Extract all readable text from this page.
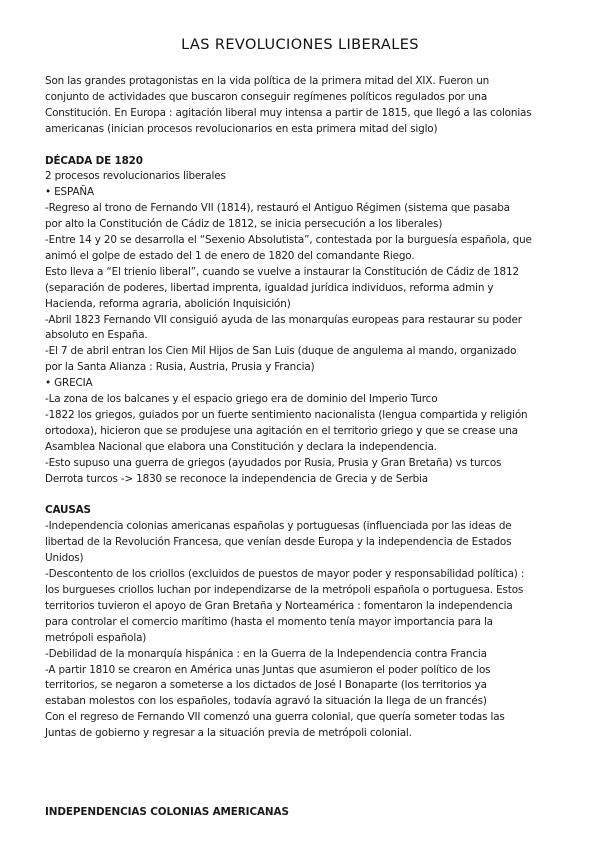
LAS REVOLUCIONES LIBERALES

Son las grandes protagonistas en la vida política de la primera mitad del XIX. Fueron un
conjunto de actividades que buscaron conseguir regímenes políticos regulados por una
Constitución. En Europa : agitación liberal muy intensa a partir de 1815, que llegó a las colonias
americanas (inician procesos revolucionarios en esta primera mitad del siglo)

DÉCADA DE 1820

2 procesos revolucionarios liberales
• ESPAÑA
-Regreso al trono de Fernando VII (1814), restauró el Antiguo Régimen (sistema que pasaba
por alto la Constitución de Cádiz de 1812, se inicia persecución a los liberales)
-Entre 14 y 20 se desarrolla el “Sexenio Absolutista”, contestada por la burguesía española, que
animó el golpe de estado del 1 de enero de 1820 del comandante Riego.
Esto lleva a “El trienio liberal”, cuando se vuelve a instaurar la Constitución de Cádiz de 1812
(separación de poderes, libertad imprenta, igualdad jurídica individuos, reforma admin y
Hacienda, reforma agraria, abolición Inquisición)
-Abril 1823 Fernando VII consiguió ayuda de las monarquías europeas para restaurar su poder
absoluto en España.
-El 7 de abril entran los Cien Mil Hijos de San Luis (duque de angulema al mando, organizado
por la Santa Alianza : Rusia, Austria, Prusia y Francia)
• GRECIA
-La zona de los balcanes y el espacio griego era de dominio del Imperio Turco
-1822 los griegos, guiados por un fuerte sentimiento nacionalista (lengua compartida y religión
ortodoxa), hicieron que se produjese una agitación en el territorio griego y que se crease una
Asamblea Nacional que elabora una Constitución y declara la independencia.
-Esto supuso una guerra de griegos (ayudados por Rusia, Prusia y Gran Bretaña) vs turcos
Derrota turcos -> 1830 se reconoce la independencia de Grecia y de Serbia

CAUSAS

-Independencia colonias americanas españolas y portuguesas (influenciada por las ideas de
libertad de la Revolución Francesa, que venían desde Europa y la independencia de Estados
Unidos)
-Descontento de los criollos (excluidos de puestos de mayor poder y responsabilidad política) :
los burgueses criollos luchan por independizarse de la metrópoli española o portuguesa. Estos
territorios tuvieron el apoyo de Gran Bretaña y Norteamérica : fomentaron la independencia
para controlar el comercio marítimo (hasta el momento tenía mayor importancia para la
metrópoli española)
-Debilidad de la monarquía hispánica : en la Guerra de la Independencia contra Francia
-A partir 1810 se crearon en América unas Juntas que asumieron el poder político de los
territorios, se negaron a someterse a los dictados de José I Bonaparte (los territorios ya
estaban molestos con los españoles, todavía agravó la situación la llega de un francés)
Con el regreso de Fernando VII comenzó una guerra colonial, que quería someter todas las
Juntas de gobierno y regresar a la situación previa de metrópoli colonial.

INDEPENDENCIAS COLONIAS AMERICANAS
